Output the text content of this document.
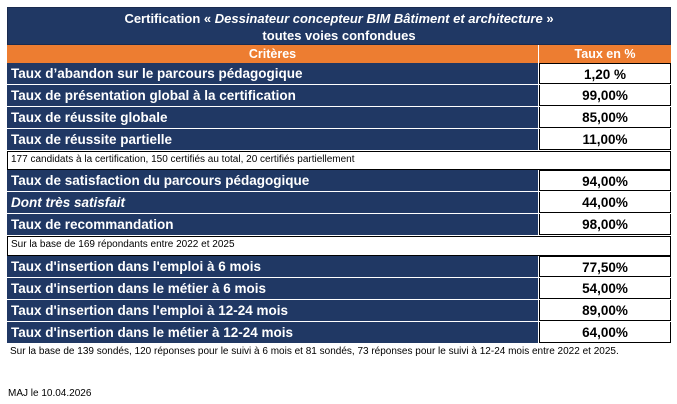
Certification « Dessinateur concepteur BIM Bâtiment et architecture »
toutes voies confondues
Critères	Taux en %
Taux d’abandon sur le parcours pédagogique	1,20 %
Taux de présentation global à la certification	99,00%
Taux de réussite globale	85,00%
Taux de réussite partielle	11,00%
177 candidats à la certification, 150 certifiés au total, 20 certifiés partiellement
Taux de satisfaction du parcours pédagogique	94,00%
Dont très satisfait	44,00%
Taux de recommandation	98,00%
Sur la base de 169 répondants entre 2022 et 2025
Taux d'insertion dans l'emploi à 6 mois	77,50%
Taux d'insertion dans le métier à 6 mois	54,00%
Taux d'insertion dans l'emploi à 12-24 mois	89,00%
Taux d'insertion dans le métier à 12-24 mois	64,00%
Sur la base de 139 sondés, 120 réponses pour le suivi à 6 mois et 81 sondés, 73 réponses pour le suivi à 12-24 mois entre 2022 et 2025.
MAJ le 10.04.2026
